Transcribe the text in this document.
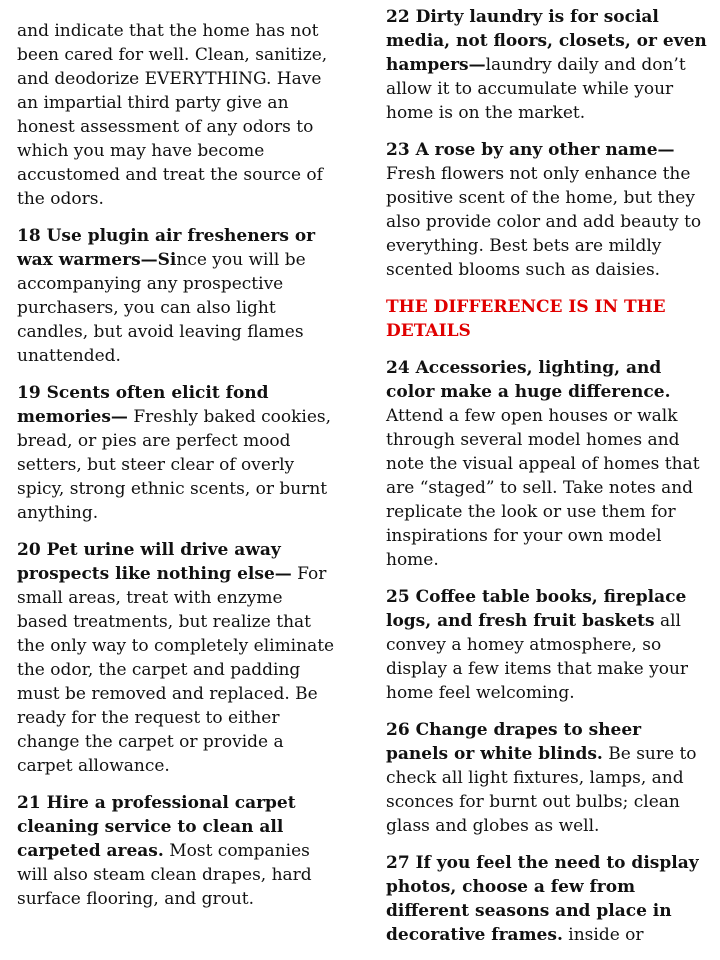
and indicate that the home has not been cared for well. Clean, sanitize, and deodorize EVERYTHING. Have an impartial third party give an honest assessment of any odors to which you may have become accustomed and treat the source of the odors.

18 Use plugin air fresheners or wax warmers—Since you will be accompanying any prospective purchasers, you can also light candles, but avoid leaving flames unattended.

19 Scents often elicit fond memories— Freshly baked cookies, bread, or pies are perfect mood setters, but steer clear of overly spicy, strong ethnic scents, or burnt anything.

20 Pet urine will drive away prospects like nothing else— For small areas, treat with enzyme based treatments, but realize that the only way to completely eliminate the odor, the carpet and padding must be removed and replaced. Be ready for the request to either change the carpet or provide a carpet allowance.

21 Hire a professional carpet cleaning service to clean all carpeted areas. Most companies will also steam clean drapes, hard surface flooring, and grout.

22 Dirty laundry is for social media, not floors, closets, or even hampers—laundry daily and don’t allow it to accumulate while your home is on the market.

23 A rose by any other name— Fresh flowers not only enhance the positive scent of the home, but they also provide color and add beauty to everything. Best bets are mildly scented blooms such as daisies.

THE DIFFERENCE IS IN THE DETAILS

24 Accessories, lighting, and color make a huge difference. Attend a few open houses or walk through several model homes and note the visual appeal of homes that are “staged” to sell. Take notes and replicate the look or use them for inspirations for your own model home.

25 Coffee table books, fireplace logs, and fresh fruit baskets all convey a homey atmosphere, so display a few items that make your home feel welcoming.

26 Change drapes to sheer panels or white blinds. Be sure to check all light fixtures, lamps, and sconces for burnt out bulbs; clean glass and globes as well.

27 If you feel the need to display photos, choose a few from different seasons and place in decorative frames. inside or
